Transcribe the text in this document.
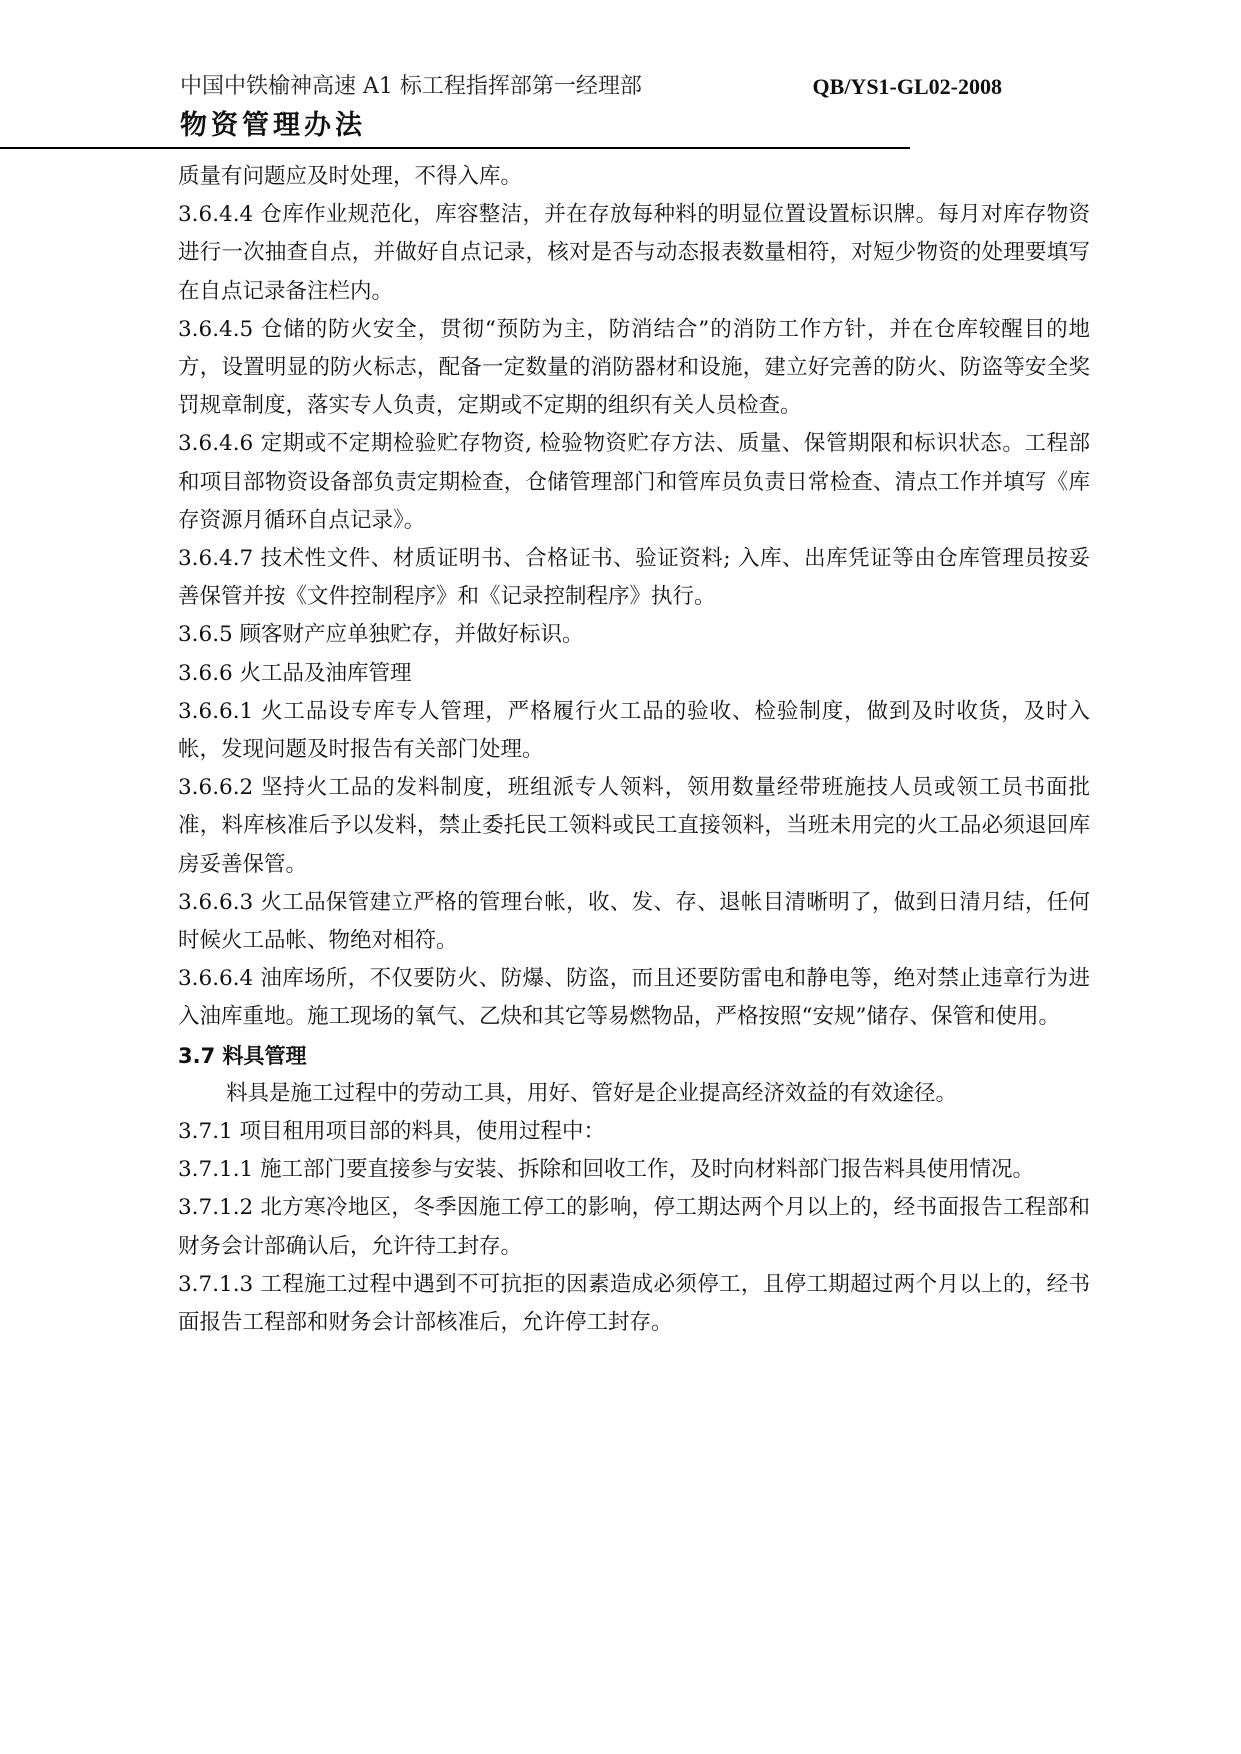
中国中铁榆神高速 A1 标工程指挥部第一经理部	QB/YS1-GL02-2008
物资管理办法

质量有问题应及时处理，不得入库。

3.6.4.4 仓库作业规范化，库容整洁，并在存放每种料的明显位置设置标识牌。每月对库存物资进行一次抽查自点，并做好自点记录，核对是否与动态报表数量相符，对短少物资的处理要填写在自点记录备注栏内。

3.6.4.5 仓储的防火安全，贯彻“预防为主，防消结合”的消防工作方针，并在仓库较醒目的地方，设置明显的防火标志，配备一定数量的消防器材和设施，建立好完善的防火、防盗等安全奖罚规章制度，落实专人负责，定期或不定期的组织有关人员检查。

3.6.4.6 定期或不定期检验贮存物资, 检验物资贮存方法、质量、保管期限和标识状态。工程部和项目部物资设备部负责定期检查，仓储管理部门和管库员负责日常检查、清点工作并填写《库存资源月循环自点记录》。

3.6.4.7 技术性文件、材质证明书、合格证书、验证资料; 入库、出库凭证等由仓库管理员按妥善保管并按《文件控制程序》和《记录控制程序》执行。

3.6.5 顾客财产应单独贮存，并做好标识。

3.6.6 火工品及油库管理

3.6.6.1 火工品设专库专人管理，严格履行火工品的验收、检验制度，做到及时收货，及时入帐，发现问题及时报告有关部门处理。

3.6.6.2 坚持火工品的发料制度，班组派专人领料，领用数量经带班施技人员或领工员书面批准，料库核准后予以发料，禁止委托民工领料或民工直接领料，当班未用完的火工品必须退回库房妥善保管。

3.6.6.3 火工品保管建立严格的管理台帐，收、发、存、退帐目清晰明了，做到日清月结，任何时候火工品帐、物绝对相符。

3.6.6.4 油库场所，不仅要防火、防爆、防盗，而且还要防雷电和静电等，绝对禁止违章行为进入油库重地。施工现场的氧气、乙炔和其它等易燃物品，严格按照“安规”储存、保管和使用。

3.7 料具管理

料具是施工过程中的劳动工具，用好、管好是企业提高经济效益的有效途径。

3.7.1 项目租用项目部的料具，使用过程中：

3.7.1.1 施工部门要直接参与安装、拆除和回收工作，及时向材料部门报告料具使用情况。

3.7.1.2 北方寒冷地区，冬季因施工停工的影响，停工期达两个月以上的，经书面报告工程部和财务会计部确认后，允许待工封存。

3.7.1.3 工程施工过程中遇到不可抗拒的因素造成必须停工，且停工期超过两个月以上的，经书面报告工程部和财务会计部核准后，允许停工封存。
